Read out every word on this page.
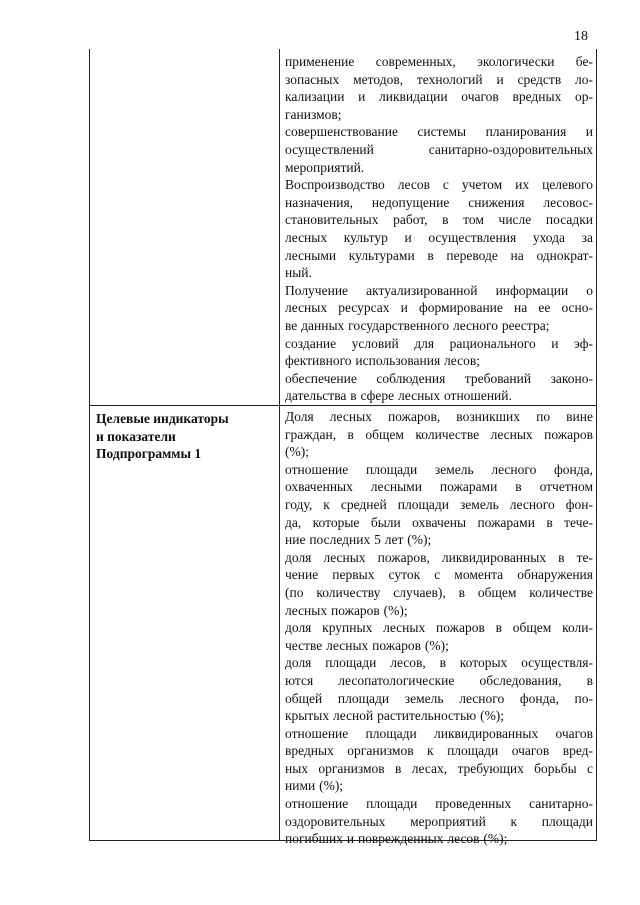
18
применение современных, экологически бе-
зопасных методов, технологий и средств ло-
кализации и ликвидации очагов вредных ор-
ганизмов;
совершенствование системы планирования и
осуществлений санитарно-оздоровительных
мероприятий.
Воспроизводство лесов с учетом их целевого
назначения, недопущение снижения лесовос-
становительных работ, в том числе посадки
лесных культур и осуществления ухода за
лесными культурами в переводе на однократ-
ный.
Получение актуализированной информации о
лесных ресурсах и формирование на ее осно-
ве данных государственного лесного реестра;
создание условий для рационального и эф-
фективного использования лесов;
обеспечение соблюдения требований законо-
дательства в сфере лесных отношений.
Целевые индикаторы
и показатели
Подпрограммы 1
Доля лесных пожаров, возникших по вине
граждан, в общем количестве лесных пожаров
(%);
отношение площади земель лесного фонда,
охваченных лесными пожарами в отчетном
году, к средней площади земель лесного фон-
да, которые были охвачены пожарами в тече-
ние последних 5 лет (%);
доля лесных пожаров, ликвидированных в те-
чение первых суток с момента обнаружения
(по количеству случаев), в общем количестве
лесных пожаров (%);
доля крупных лесных пожаров в общем коли-
честве лесных пожаров (%);
доля площади лесов, в которых осуществля-
ются лесопатологические обследования, в
общей площади земель лесного фонда, по-
крытых лесной растительностью (%);
отношение площади ликвидированных очагов
вредных организмов к площади очагов вред-
ных организмов в лесах, требующих борьбы с
ними (%);
отношение площади проведенных санитарно-
оздоровительных мероприятий к площади
погибших и поврежденных лесов (%);
